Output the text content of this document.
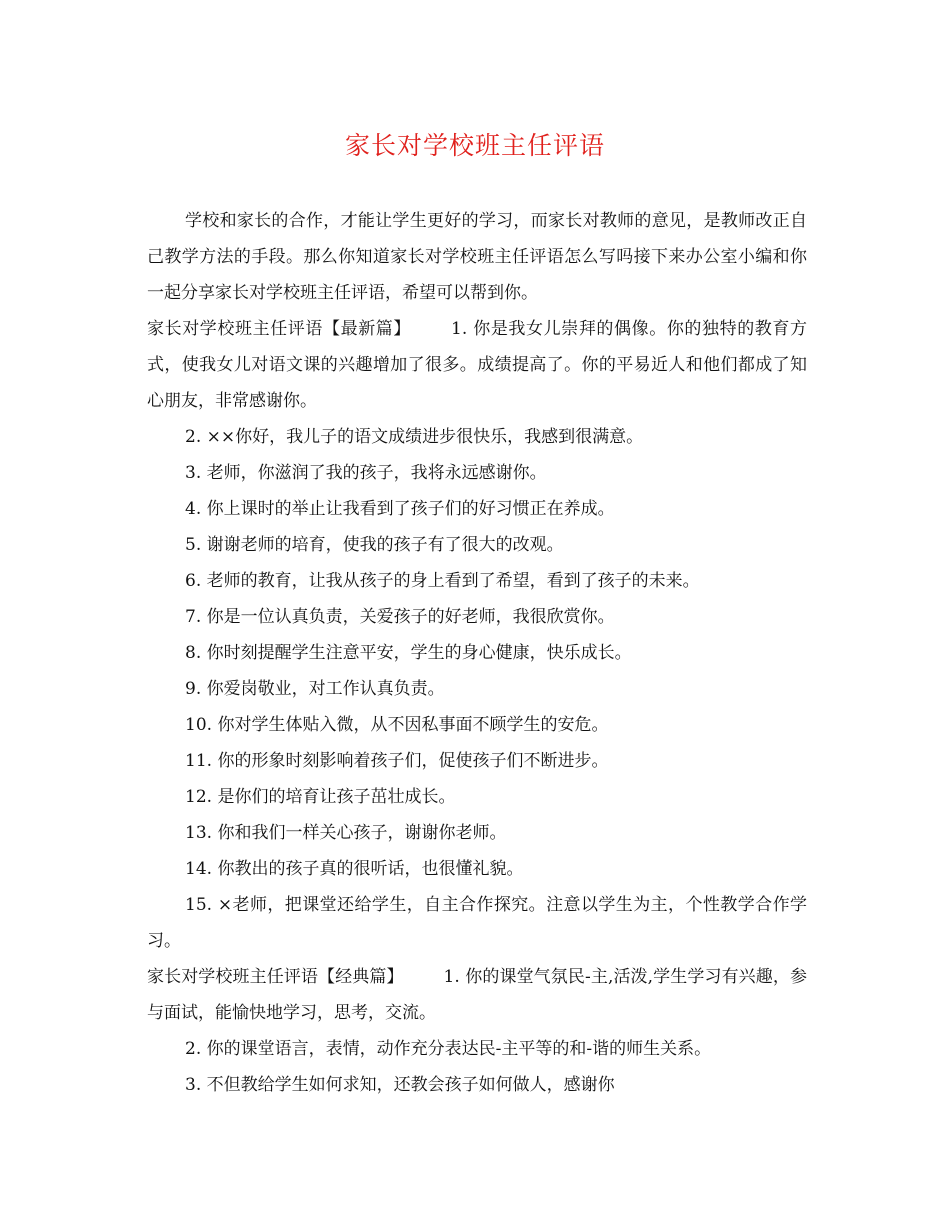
家长对学校班主任评语

学校和家长的合作，才能让学生更好的学习，而家长对教师的意见，是教师改正自己教学方法的手段。那么你知道家长对学校班主任评语怎么写吗接下来办公室小编和你一起分享家长对学校班主任评语，希望可以帮到你。

家长对学校班主任评语【最新篇】 1. 你是我女儿崇拜的偶像。你的独特的教育方式，使我女儿对语文课的兴趣增加了很多。成绩提高了。你的平易近人和他们都成了知心朋友，非常感谢你。

2. ××你好，我儿子的语文成绩进步很快乐，我感到很满意。

3. 老师，你滋润了我的孩子，我将永远感谢你。

4. 你上课时的举止让我看到了孩子们的好习惯正在养成。

5. 谢谢老师的培育，使我的孩子有了很大的改观。

6. 老师的教育，让我从孩子的身上看到了希望，看到了孩子的未来。

7. 你是一位认真负责，关爱孩子的好老师，我很欣赏你。

8. 你时刻提醒学生注意平安，学生的身心健康，快乐成长。

9. 你爱岗敬业，对工作认真负责。

10. 你对学生体贴入微，从不因私事面不顾学生的安危。

11. 你的形象时刻影响着孩子们，促使孩子们不断进步。

12. 是你们的培育让孩子茁壮成长。

13. 你和我们一样关心孩子，谢谢你老师。

14. 你教出的孩子真的很听话，也很懂礼貌。

15. ×老师，把课堂还给学生，自主合作探究。注意以学生为主，个性教学合作学习。

家长对学校班主任评语【经典篇】 1. 你的课堂气氛民-主,活泼,学生学习有兴趣，参与面试，能愉快地学习，思考，交流。

2. 你的课堂语言，表情，动作充分表达民-主平等的和-谐的师生关系。

3. 不但教给学生如何求知，还教会孩子如何做人，感谢你
